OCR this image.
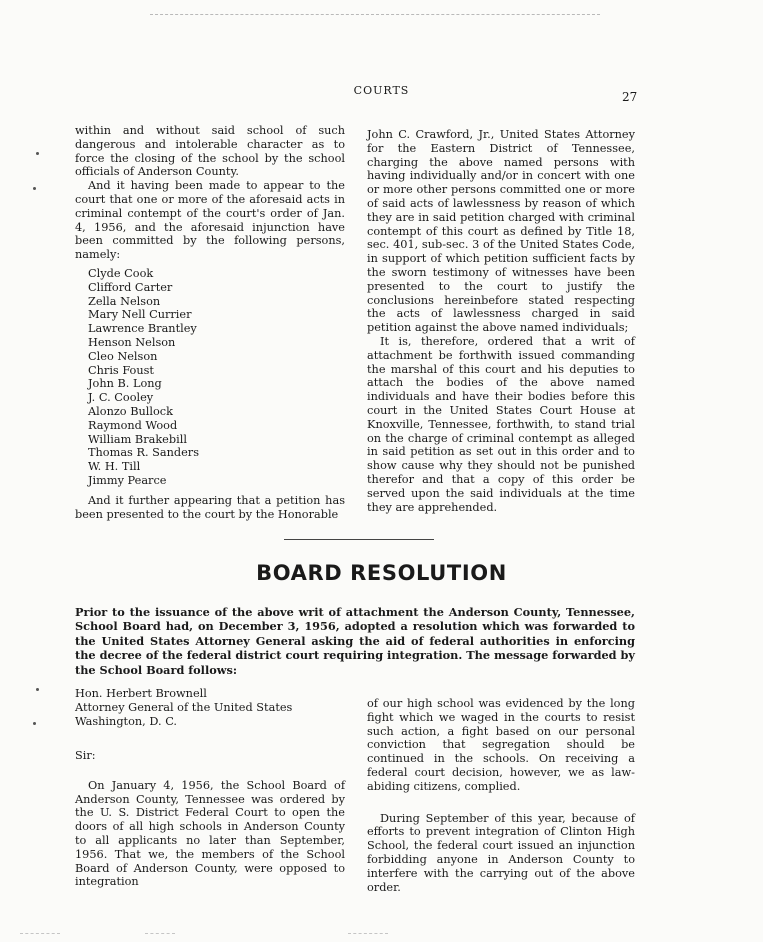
COURTS	27

within and without said school of such dangerous and intolerable character as to force the closing of the school by the school officials of Anderson County.

And it having been made to appear to the court that one or more of the aforesaid acts in criminal contempt of the court's order of Jan. 4, 1956, and the aforesaid injunction have been committed by the following persons, namely:

Clyde Cook
Clifford Carter
Zella Nelson
Mary Nell Currier
Lawrence Brantley
Henson Nelson
Cleo Nelson
Chris Foust
John B. Long
J. C. Cooley
Alonzo Bullock
Raymond Wood
William Brakebill
Thomas R. Sanders
W. H. Till
Jimmy Pearce

And it further appearing that a petition has been presented to the court by the Honorable

John C. Crawford, Jr., United States Attorney for the Eastern District of Tennessee, charging the above named persons with having individually and/or in concert with one or more other persons committed one or more of said acts of lawlessness by reason of which they are in said petition charged with criminal contempt of this court as defined by Title 18, sec. 401, sub-sec. 3 of the United States Code, in support of which petition sufficient facts by the sworn testimony of witnesses have been presented to the court to justify the conclusions hereinbefore stated respecting the acts of lawlessness charged in said petition against the above named individuals;

It is, therefore, ordered that a writ of attachment be forthwith issued commanding the marshal of this court and his deputies to attach the bodies of the above named individuals and have their bodies before this court in the United States Court House at Knoxville, Tennessee, forthwith, to stand trial on the charge of criminal contempt as alleged in said petition as set out in this order and to show cause why they should not be punished therefor and that a copy of this order be served upon the said individuals at the time they are apprehended.

BOARD RESOLUTION
Prior to the issuance of the above writ of attachment the Anderson County, Tennessee, School Board had, on December 3, 1956, adopted a resolution which was forwarded to the United States Attorney General asking the aid of federal authorities in enforcing the decree of the federal district court requiring integration. The message forwarded by the School Board follows:

Hon. Herbert Brownell

Attorney General of the United States

Washington, D. C.

Sir:

On January 4, 1956, the School Board of Anderson County, Tennessee was ordered by the U. S. District Federal Court to open the doors of all high schools in Anderson County to all applicants no later than September, 1956. That we, the members of the School Board of Anderson County, were opposed to integration

of our high school was evidenced by the long fight which we waged in the courts to resist such action, a fight based on our personal conviction that segregation should be continued in the schools. On receiving a federal court decision, however, we as law-abiding citizens, complied.

During September of this year, because of efforts to prevent integration of Clinton High School, the federal court issued an injunction forbidding anyone in Anderson County to interfere with the carrying out of the above order.
